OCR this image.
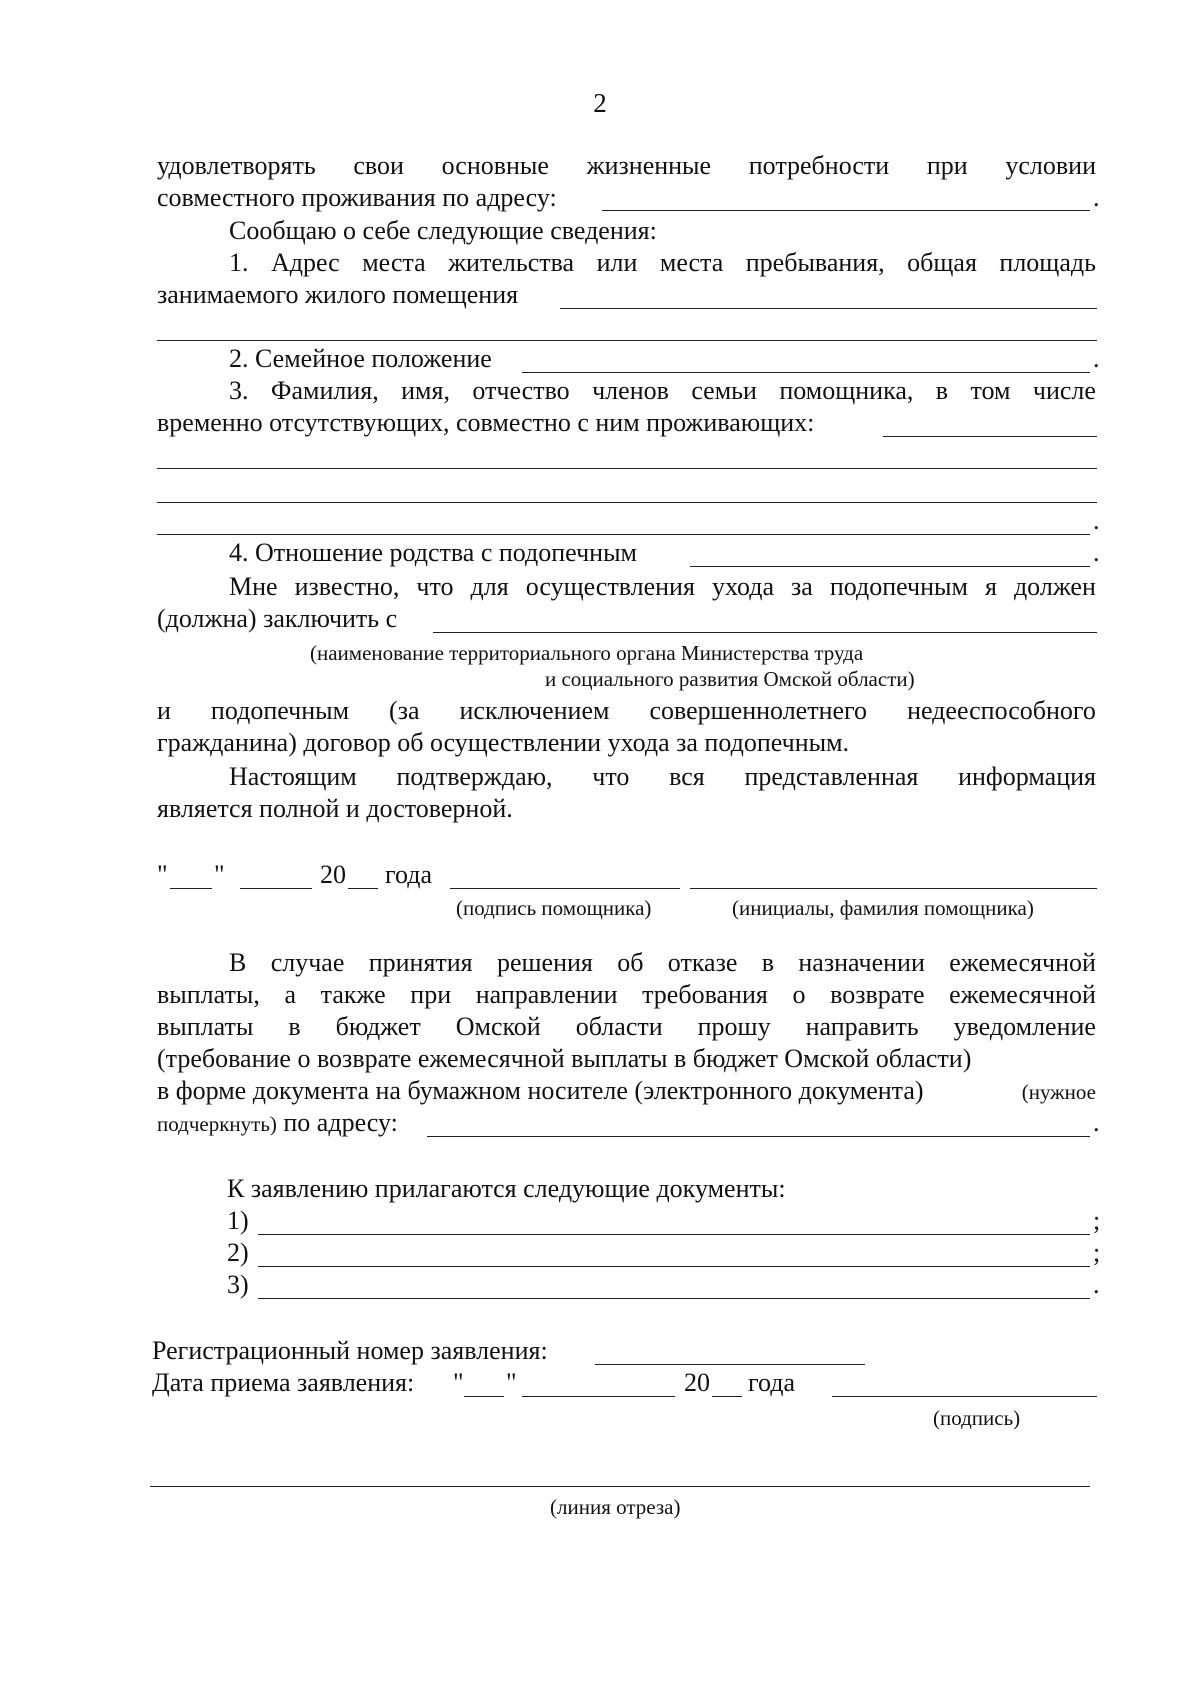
2
удовлетворять свои основные жизненные потребности при условии
совместного проживания по адресу:	.
Сообщаю о себе следующие сведения:
1. Адрес места жительства или места пребывания, общая площадь
занимаемого жилого помещения
2. Семейное положение	.
3. Фамилия, имя, отчество членов семьи помощника, в том числе
временно отсутствующих, совместно с ним проживающих:
.
4. Отношение родства с подопечным	.
Мне известно, что для осуществления ухода за подопечным я должен
(должна) заключить с
(наименование территориального органа Министерства труда
и социального развития Омской области)
и подопечным (за исключением совершеннолетнего недееспособного
гражданина) договор об осуществлении ухода за подопечным.
Настоящим подтверждаю, что вся представленная информация
является полной и достоверной.
" "	20 года
(подпись помощника)	(инициалы, фамилия помощника)
В случае принятия решения об отказе в назначении ежемесячной
выплаты, а также при направлении требования о возврате ежемесячной
выплаты в бюджет Омской области прошу направить уведомление
(требование о возврате ежемесячной выплаты в бюджет Омской области)
в форме документа на бумажном носителе (электронного документа)	(нужное
подчеркнуть) по адресу:	.
К заявлению прилагаются следующие документы:
1)	;
2)	;
3)	.
Регистрационный номер заявления:
Дата приема заявления: " "	20 года
(подпись)
(линия отреза)
